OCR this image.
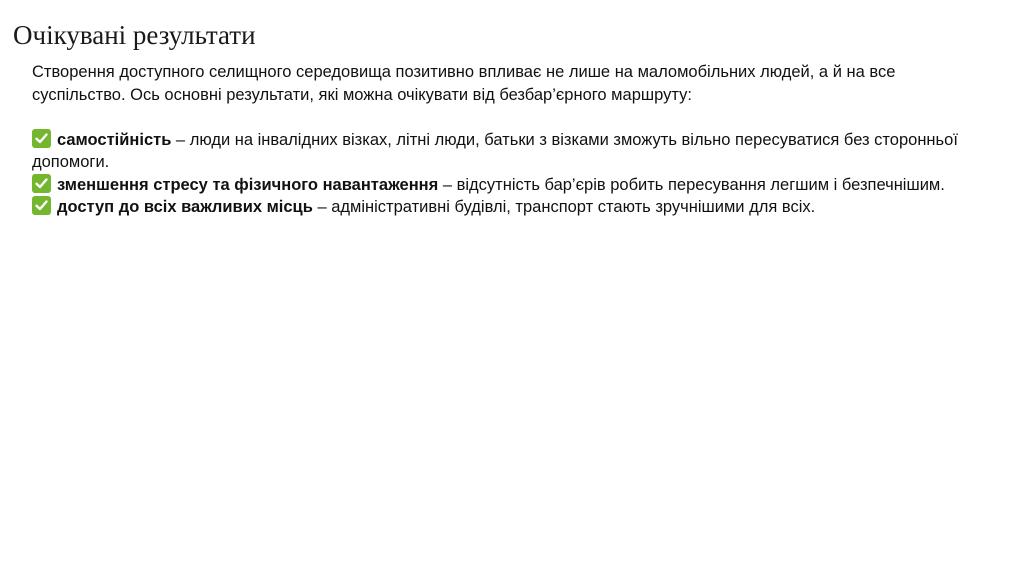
Очікувані результати

Створення доступного селищного середовища позитивно впливає не лише на маломобільних людей, а й на все суспільство. Ось основні результати, які можна очікувати від безбар’єрного маршруту:

самостійність – люди на інвалідних візках, літні люди, батьки з візками зможуть вільно пересуватися без сторонньої допомоги.

зменшення стресу та фізичного навантаження – відсутність бар’єрів робить пересування легшим і безпечнішим.

доступ до всіх важливих місць – адміністративні будівлі, транспорт стають зручнішими для всіх.
